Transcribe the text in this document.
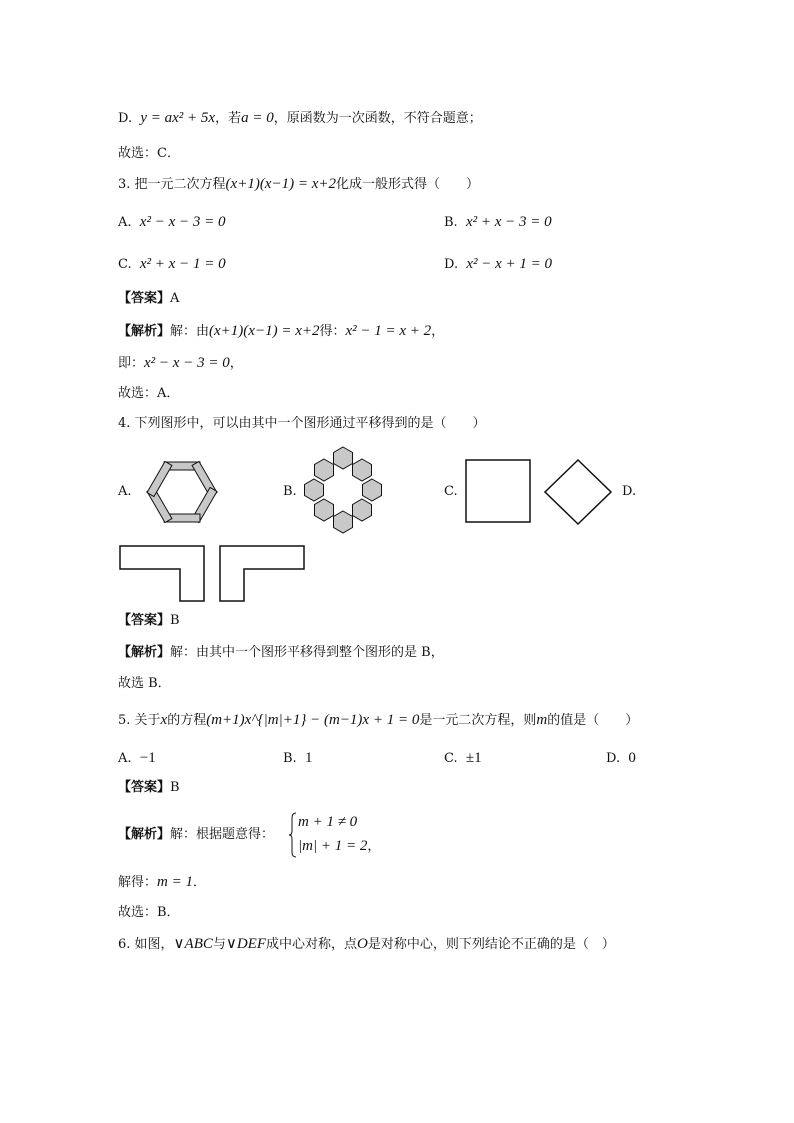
D. y = ax² + 5x，若a = 0，原函数为一次函数，不符合题意；
故选：C．
3. 把一元二次方程(x+1)(x−1) = x+2化成一般形式得（　　）
A. x² − x − 3 = 0	B. x² + x − 3 = 0
C. x² + x − 1 = 0	D. x² − x + 1 = 0
【答案】A
【解析】解：由(x+1)(x−1) = x+2得：x² − 1 = x + 2，
即：x² − x − 3 = 0，
故选：A．
4. 下列图形中，可以由其中一个图形通过平移得到的是（　　）
A.	B.	C.	D.
【答案】B
【解析】解：由其中一个图形平移得到整个图形的是 B，
故选 B．
5. 关于x的方程(m+1)x^{|m|+1} − (m−1)x + 1 = 0是一元二次方程，则m的值是（　　）
A. −1	B. 1	C. ±1	D. 0
【答案】B
【解析】解：根据题意得：
m + 1 ≠ 0
|m| + 1 = 2，
解得：m = 1．
故选：B．
6. 如图，∨ABC与∨DEF成中心对称，点O是对称中心，则下列结论不正确的是（　）
